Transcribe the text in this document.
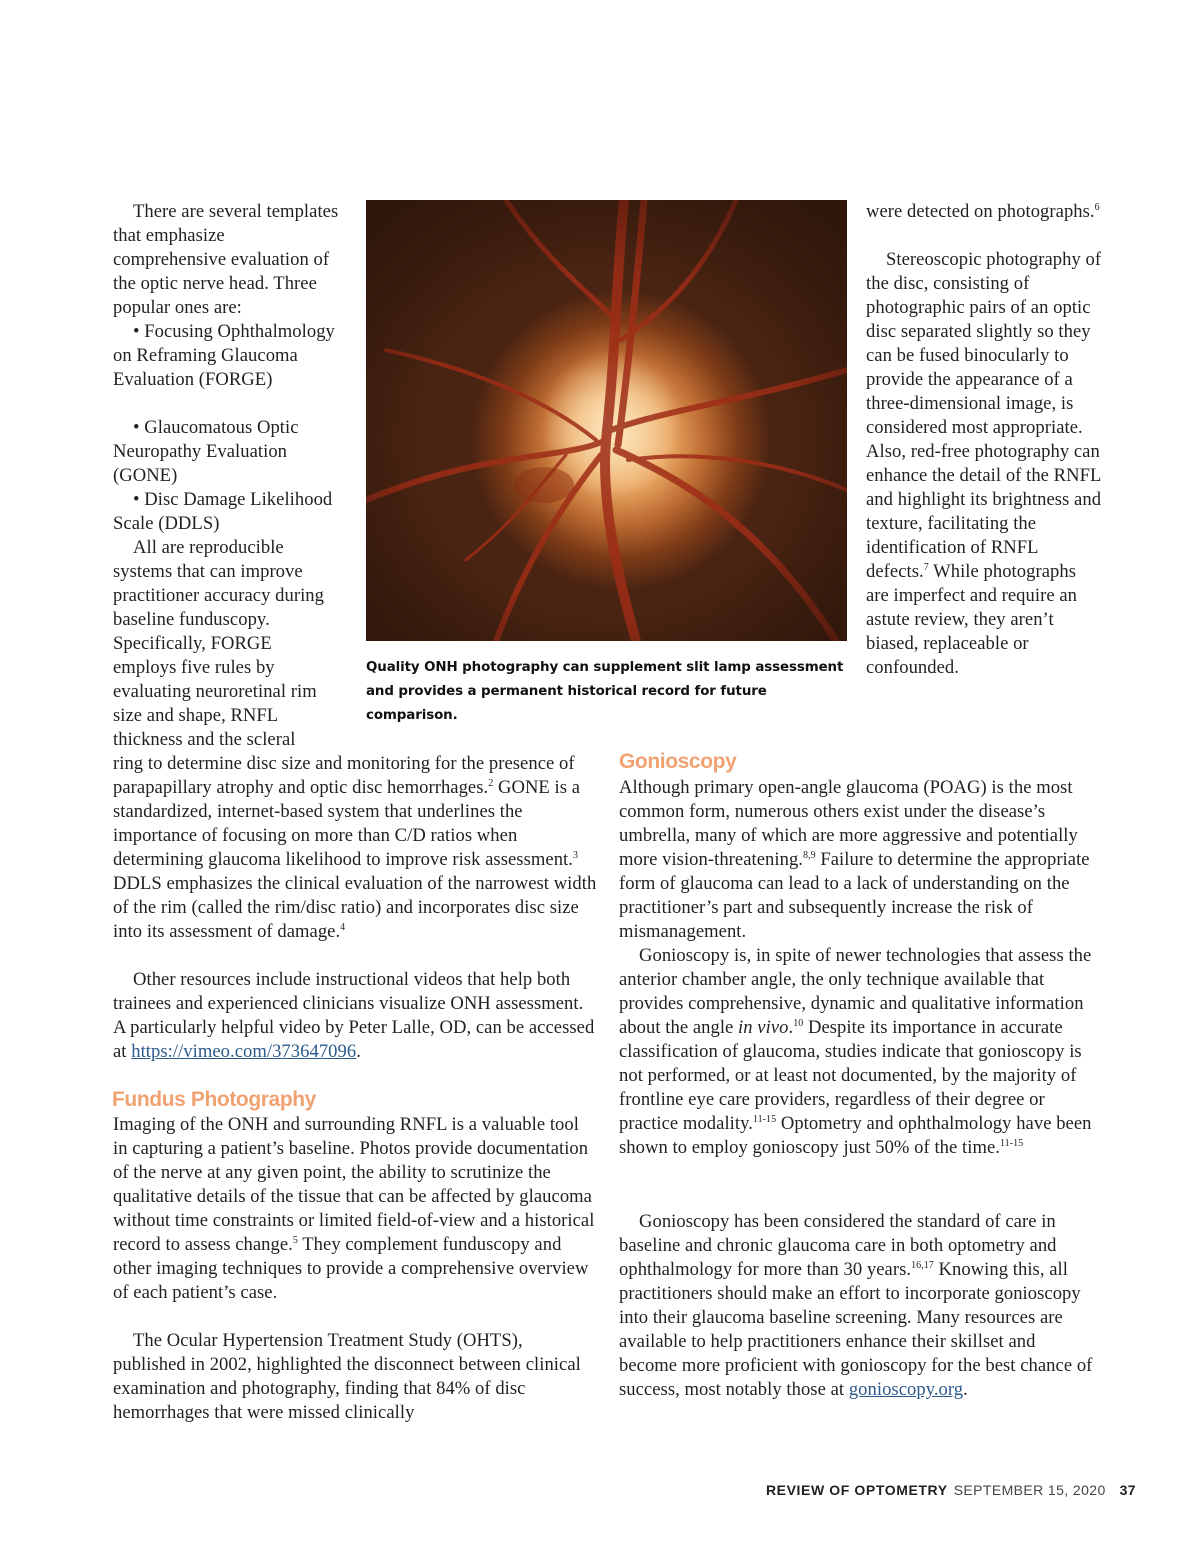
There are several templates that emphasize comprehensive evaluation of the optic nerve head. Three popular ones are:

• Focusing Ophthalmology on Reframing Glaucoma Evaluation (FORGE)

• Glaucomatous Optic Neuropathy Evaluation (GONE)

• Disc Damage Likelihood Scale (DDLS)

All are reproducible systems that can improve practitioner accuracy during baseline funduscopy. Specifically, FORGE employs five rules by evaluating neuroretinal rim size and shape, RNFL thickness and the scleral

Quality ONH photography can supplement slit lamp assessment and provides a permanent historical record for future comparison.

ring to determine disc size and monitoring for the presence of parapapillary atrophy and optic disc hemorrhages.$^2$ GONE is a standardized, internet-based system that underlines the importance of focusing on more than C/D ratios when determining glaucoma likelihood to improve risk assessment.$^3$ DDLS emphasizes the clinical evaluation of the narrowest width of the rim (called the rim/disc ratio) and incorporates disc size into its assessment of damage.$^4$

Other resources include instructional videos that help both trainees and experienced clinicians visualize ONH assessment. A particularly helpful video by Peter Lalle, OD, can be accessed at https://vimeo.com/373647096.

Fundus Photography

Imaging of the ONH and surrounding RNFL is a valuable tool in capturing a patient’s baseline. Photos provide documentation of the nerve at any given point, the ability to scrutinize the qualitative details of the tissue that can be affected by glaucoma without time constraints or limited field-of-view and a historical record to assess change.$^5$ They complement funduscopy and other imaging techniques to provide a comprehensive overview of each patient’s case.

The Ocular Hypertension Treatment Study (OHTS), published in 2002, highlighted the disconnect between clinical examination and photography, finding that 84% of disc hemorrhages that were missed clinically

were detected on photographs.$^6$

Stereoscopic photography of the disc, consisting of photographic pairs of an optic disc separated slightly so they can be fused binocularly to provide the appearance of a three-dimensional image, is considered most appropriate. Also, red-free photography can enhance the detail of the RNFL and highlight its brightness and texture, facilitating the identification of RNFL defects.$^7$ While photographs are imperfect and require an astute review, they aren’t biased, replaceable or confounded.

Gonioscopy

Although primary open-angle glaucoma (POAG) is the most common form, numerous others exist under the disease’s umbrella, many of which are more aggressive and potentially more vision-threatening.$^{8,9}$ Failure to determine the appropriate form of glaucoma can lead to a lack of understanding on the practitioner’s part and subsequently increase the risk of mismanagement.

Gonioscopy is, in spite of newer technologies that assess the anterior chamber angle, the only technique available that provides comprehensive, dynamic and qualitative information about the angle in vivo.$^{10}$ Despite its importance in accurate classification of glaucoma, studies indicate that gonioscopy is not performed, or at least not documented, by the majority of frontline eye care providers, regardless of their degree or practice modality.$^{11-15}$ Optometry and ophthalmology have been shown to employ gonioscopy just 50% of the time.$^{11-15}$

Gonioscopy has been considered the standard of care in baseline and chronic glaucoma care in both optometry and ophthalmology for more than 30 years.$^{16,17}$ Knowing this, all practitioners should make an effort to incorporate gonioscopy into their glaucoma baseline screening. Many resources are available to help practitioners enhance their skillset and become more proficient with gonioscopy for the best chance of success, most notably those at gonioscopy.org.

REVIEW OF OPTOMETRY SEPTEMBER 15, 2020 37
